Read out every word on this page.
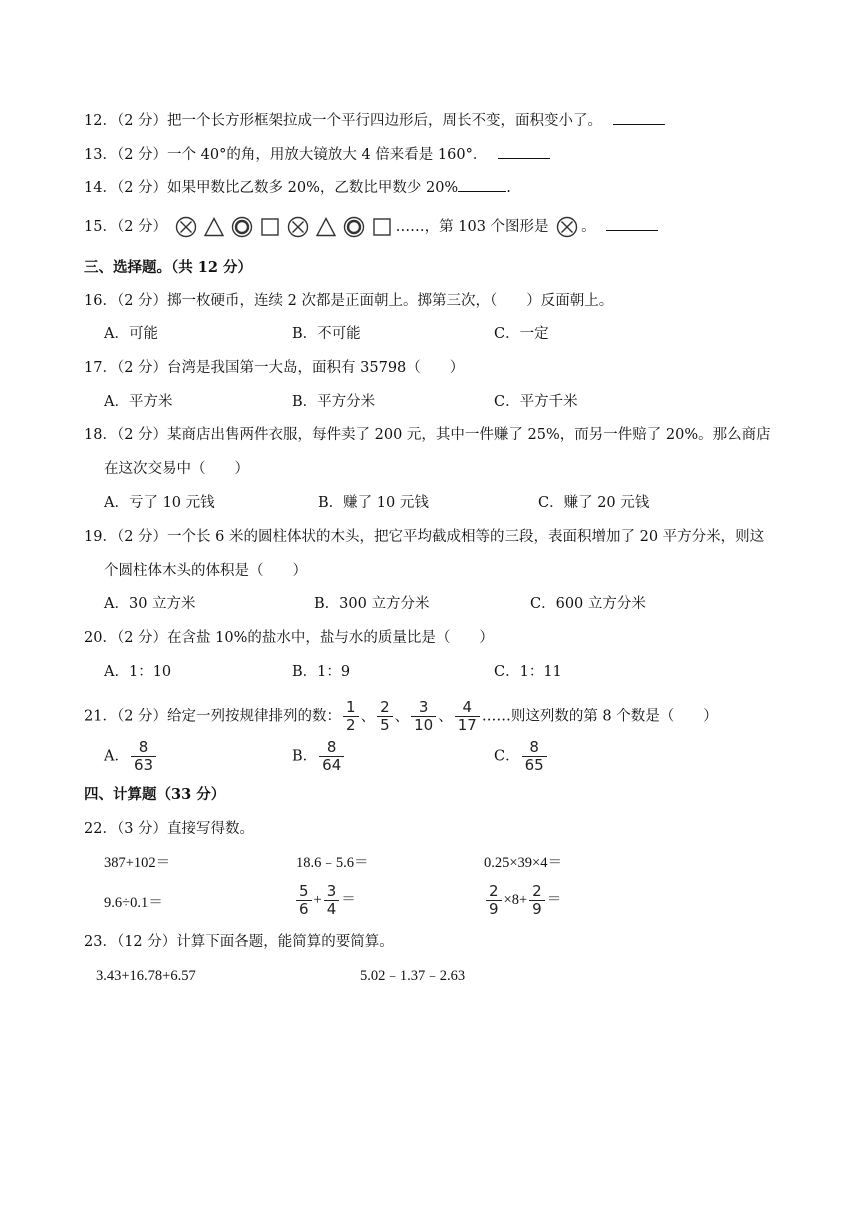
12．（2 分）把一个长方形框架拉成一个平行四边形后，周长不变，面积变小了。
13．（2 分）一个 40°的角，用放大镜放大 4 倍来看是 160°．
14．（2 分）如果甲数比乙数多 20%，乙数比甲数少 20%	.
15．（2 分）	……，第 103 个图形是 。
三、选择题。（共 12 分）
16．（2 分）掷一枚硬币，连续 2 次都是正面朝上。掷第三次，（　　）反面朝上。
A．可能	B．不可能	C．一定
17．（2 分）台湾是我国第一大岛，面积有 35798（　　）
A．平方米	B．平方分米	C．平方千米
18．（2 分）某商店出售两件衣服，每件卖了 200 元，其中一件赚了 25%，而另一件赔了 20%。那么商店
在这次交易中（　　）
A．亏了 10 元钱	B．赚了 10 元钱	C．赚了 20 元钱
19．（2 分）一个长 6 米的圆柱体状的木头，把它平均截成相等的三段，表面积增加了 20 平方分米，则这
个圆柱体木头的体积是（　　）
A．30 立方米	B．300 立方分米	C．600 立方分米
20．（2 分）在含盐 10%的盐水中，盐与水的质量比是（　　）
A．1：10	B．1：9	C．1：11
21．（2 分）给定一列按规律排列的数： $\frac{1}{2}$ 、 $\frac{2}{5}$ 、 $\frac{3}{10}$ 、 $\frac{4}{17}$ ……则这列数的第 8 个数是（　　）
A． $\frac{8}{63}$	B． $\frac{8}{64}$	C． $\frac{8}{65}$
四、计算题（33 分）
22．（3 分）直接写得数。
387+102＝	18.6﹣5.6＝	0.25×39×4＝
9.6÷0.1＝	$\frac{5}{6} + \frac{3}{4}$ ＝	$\frac{2}{9} \times 8+ \frac{2}{9}$ ＝
23．（12 分）计算下面各题，能简算的要简算。
3.43+16.78+6.57	5.02﹣1.37﹣2.63
